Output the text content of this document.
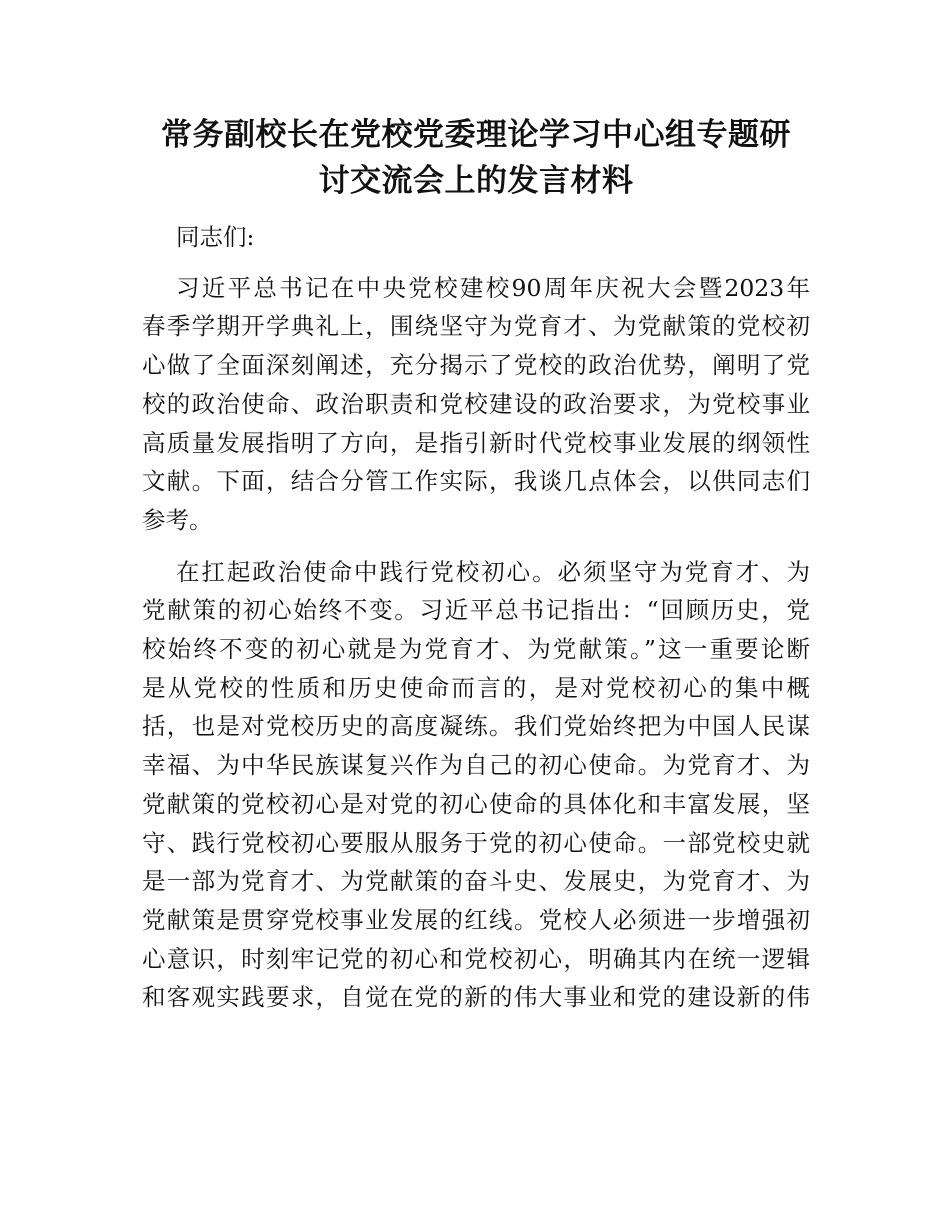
常务副校长在党校党委理论学习中心组专题研
讨交流会上的发言材料

同志们:

习近平总书记在中央党校建校90周年庆祝大会暨2023年
春季学期开学典礼上，围绕坚守为党育才、为党献策的党校初
心做了全面深刻阐述，充分揭示了党校的政治优势，阐明了党
校的政治使命、政治职责和党校建设的政治要求，为党校事业
高质量发展指明了方向，是指引新时代党校事业发展的纲领性
文献。下面，结合分管工作实际，我谈几点体会，以供同志们
参考。
在扛起政治使命中践行党校初心。必须坚守为党育才、为
党献策的初心始终不变。习近平总书记指出：“回顾历史，党
校始终不变的初心就是为党育才、为党献策。”这一重要论断
是从党校的性质和历史使命而言的，是对党校初心的集中概
括，也是对党校历史的高度凝练。我们党始终把为中国人民谋
幸福、为中华民族谋复兴作为自己的初心使命。为党育才、为
党献策的党校初心是对党的初心使命的具体化和丰富发展，坚
守、践行党校初心要服从服务于党的初心使命。一部党校史就
是一部为党育才、为党献策的奋斗史、发展史，为党育才、为
党献策是贯穿党校事业发展的红线。党校人必须进一步增强初
心意识，时刻牢记党的初心和党校初心，明确其内在统一逻辑
和客观实践要求，自觉在党的新的伟大事业和党的建设新的伟
